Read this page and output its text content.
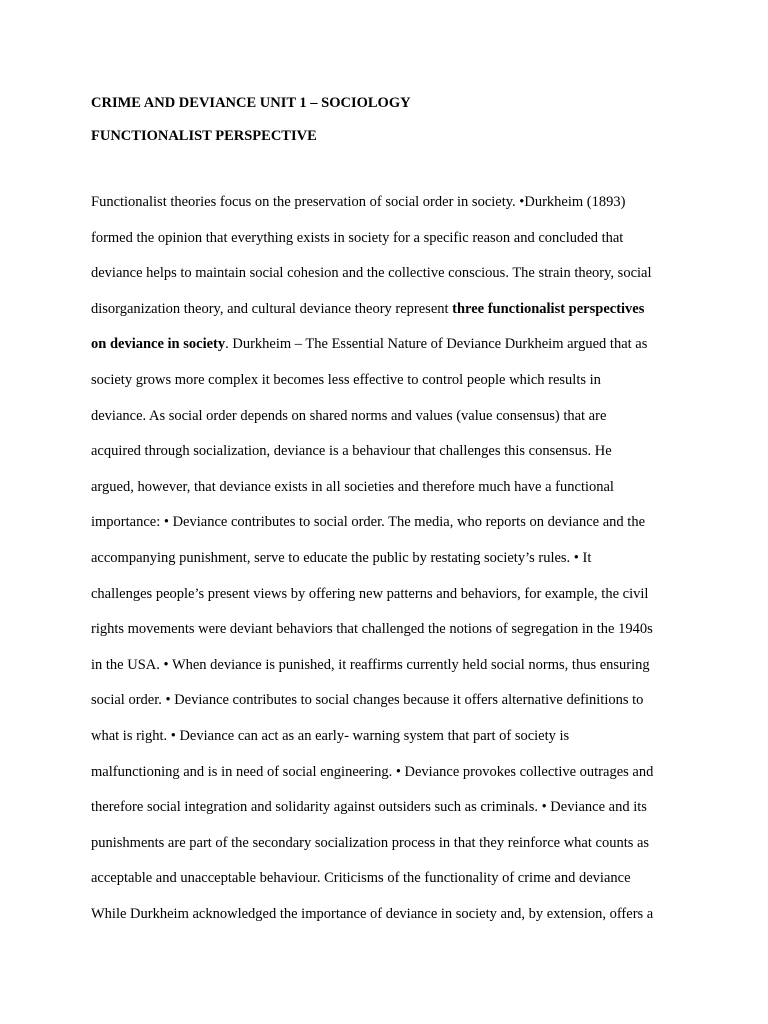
CRIME AND DEVIANCE UNIT 1 – SOCIOLOGY
FUNCTIONALIST PERSPECTIVE
Functionalist theories focus on the preservation of social order in society. •Durkheim (1893)
formed the opinion that everything exists in society for a specific reason and concluded that
deviance helps to maintain social cohesion and the collective conscious. The strain theory, social
disorganization theory, and cultural deviance theory represent three functionalist perspectives
on deviance in society. Durkheim – The Essential Nature of Deviance Durkheim argued that as
society grows more complex it becomes less effective to control people which results in
deviance. As social order depends on shared norms and values (value consensus) that are
acquired through socialization, deviance is a behaviour that challenges this consensus. He
argued, however, that deviance exists in all societies and therefore much have a functional
importance: • Deviance contributes to social order. The media, who reports on deviance and the
accompanying punishment, serve to educate the public by restating society’s rules. • It
challenges people’s present views by offering new patterns and behaviors, for example, the civil
rights movements were deviant behaviors that challenged the notions of segregation in the 1940s
in the USA. • When deviance is punished, it reaffirms currently held social norms, thus ensuring
social order. • Deviance contributes to social changes because it offers alternative definitions to
what is right. • Deviance can act as an early- warning system that part of society is
malfunctioning and is in need of social engineering. • Deviance provokes collective outrages and
therefore social integration and solidarity against outsiders such as criminals. • Deviance and its
punishments are part of the secondary socialization process in that they reinforce what counts as
acceptable and unacceptable behaviour. Criticisms of the functionality of crime and deviance
While Durkheim acknowledged the importance of deviance in society and, by extension, offers a
